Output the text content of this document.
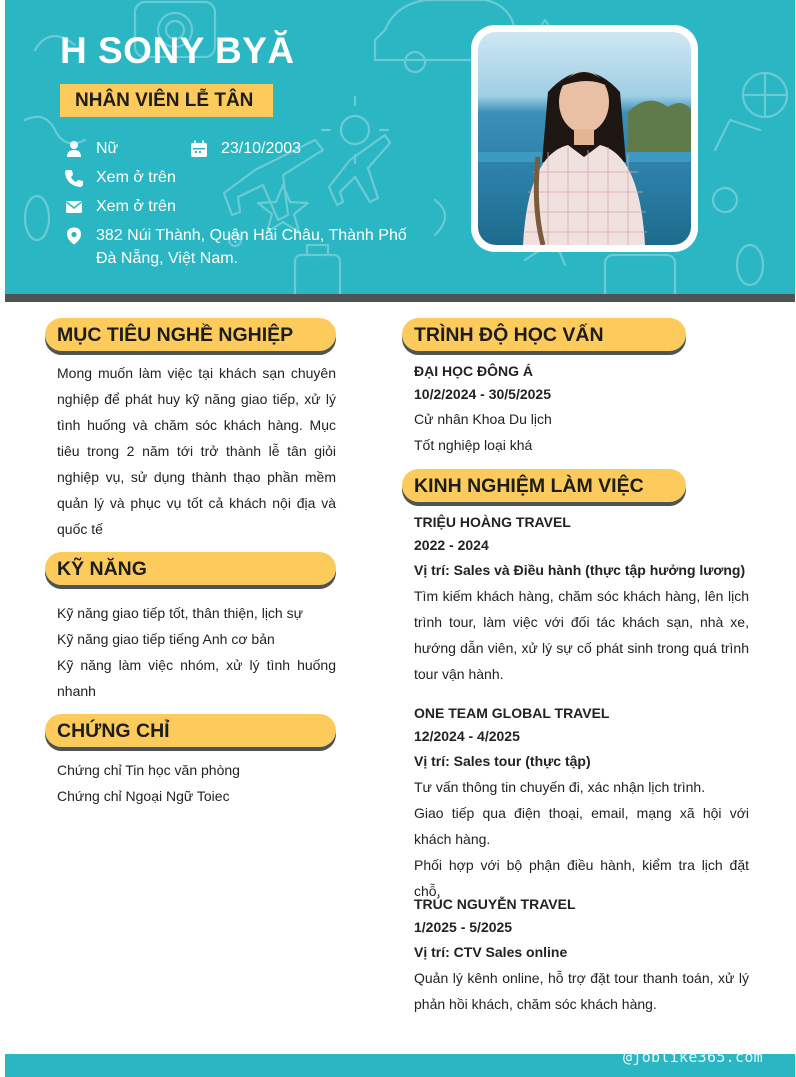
H SONY BYĂ
NHÂN VIÊN LỄ TÂN
Nữ	23/10/2003
Xem ở trên
Xem ở trên
382 Núi Thành, Quận Hải Châu, Thành Phố Đà Nẵng, Việt Nam.
MỤC TIÊU NGHỀ NGHIỆP
Mong muốn làm việc tại khách sạn chuyên nghiệp để phát huy kỹ năng giao tiếp, xử lý tình huống và chăm sóc khách hàng. Mục tiêu trong 2 năm tới trở thành lễ tân giỏi nghiệp vụ, sử dụng thành thạo phần mềm quản lý và phục vụ tốt cả khách nội địa và quốc tế
KỸ NĂNG
Kỹ năng giao tiếp tốt, thân thiện, lịch sự
Kỹ năng giao tiếp tiếng Anh cơ bản
Kỹ năng làm việc nhóm, xử lý tình huống nhanh
CHỨNG CHỈ
Chứng chỉ Tin học văn phòng
Chứng chỉ Ngoại Ngữ Toiec
TRÌNH ĐỘ HỌC VẤN
ĐẠI HỌC ĐÔNG Á
10/2/2024 - 30/5/2025
Cử nhân Khoa Du lịch
Tốt nghiệp loại khá
KINH NGHIỆM LÀM VIỆC
TRIỆU HOÀNG TRAVEL
2022 - 2024
Vị trí: Sales và Điều hành (thực tập hưởng lương)
Tìm kiếm khách hàng, chăm sóc khách hàng, lên lịch trình tour, làm việc với đối tác khách sạn, nhà xe, hướng dẫn viên, xử lý sự cố phát sinh trong quá trình tour vận hành.
ONE TEAM GLOBAL TRAVEL
12/2024 - 4/2025
Vị trí: Sales tour (thực tập)
Tư vấn thông tin chuyến đi, xác nhận lịch trình.
Giao tiếp qua điện thoại, email, mạng xã hội với khách hàng.
Phối hợp với bộ phận điều hành, kiểm tra lịch đặt chỗ.
TRÚC NGUYỄN TRAVEL
1/2025 - 5/2025
Vị trí: CTV Sales online
Quản lý kênh online, hỗ trợ đặt tour thanh toán, xử lý phản hồi khách, chăm sóc khách hàng.
@joblike365.com
